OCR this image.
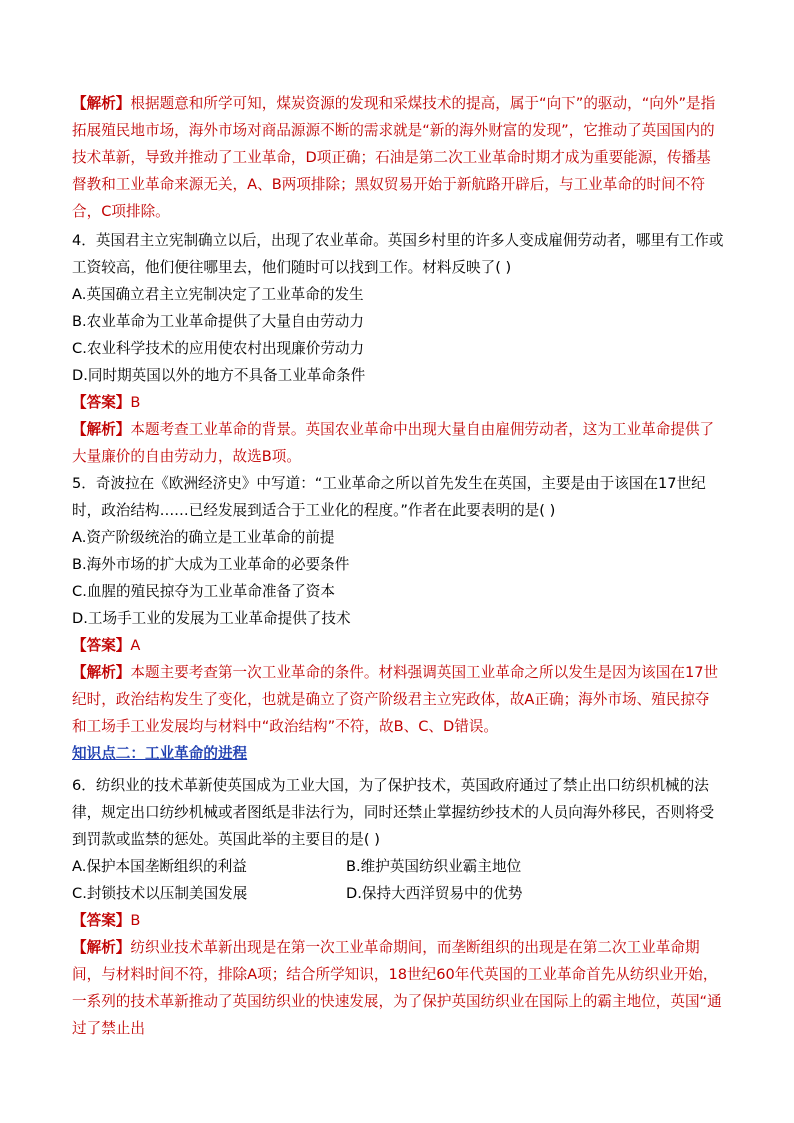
【解析】根据题意和所学可知，煤炭资源的发现和采煤技术的提高，属于“向下”的驱动，“向外”是指拓展殖民地市场，海外市场对商品源源不断的需求就是“新的海外财富的发现”，它推动了英国国内的技术革新，导致并推动了工业革命，D项正确；石油是第二次工业革命时期才成为重要能源，传播基督教和工业革命来源无关，A、B两项排除；黑奴贸易开始于新航路开辟后，与工业革命的时间不符合，C项排除。
4．英国君主立宪制确立以后，出现了农业革命。英国乡村里的许多人变成雇佣劳动者，哪里有工作或工资较高，他们便往哪里去，他们随时可以找到工作。材料反映了( )
A.英国确立君主立宪制决定了工业革命的发生
B.农业革命为工业革命提供了大量自由劳动力
C.农业科学技术的应用使农村出现廉价劳动力
D.同时期英国以外的地方不具备工业革命条件
【答案】B
【解析】本题考查工业革命的背景。英国农业革命中出现大量自由雇佣劳动者，这为工业革命提供了大量廉价的自由劳动力，故选B项。
5．奇波拉在《欧洲经济史》中写道：“工业革命之所以首先发生在英国，主要是由于该国在17世纪时，政治结构……已经发展到适合于工业化的程度。”作者在此要表明的是( )
A.资产阶级统治的确立是工业革命的前提
B.海外市场的扩大成为工业革命的必要条件
C.血腥的殖民掠夺为工业革命准备了资本
D.工场手工业的发展为工业革命提供了技术
【答案】A
【解析】本题主要考查第一次工业革命的条件。材料强调英国工业革命之所以发生是因为该国在17世纪时，政治结构发生了变化，也就是确立了资产阶级君主立宪政体，故A正确；海外市场、殖民掠夺和工场手工业发展均与材料中“政治结构”不符，故B、C、D错误。
知识点二：工业革命的进程
6．纺织业的技术革新使英国成为工业大国，为了保护技术，英国政府通过了禁止出口纺织机械的法律，规定出口纺纱机械或者图纸是非法行为，同时还禁止掌握纺纱技术的人员向海外移民，否则将受到罚款或监禁的惩处。英国此举的主要目的是( )
A.保护本国垄断组织的利益	B.维护英国纺织业霸主地位
C.封锁技术以压制美国发展	D.保持大西洋贸易中的优势
【答案】B
【解析】纺织业技术革新出现是在第一次工业革命期间，而垄断组织的出现是在第二次工业革命期间，与材料时间不符，排除A项；结合所学知识，18世纪60年代英国的工业革命首先从纺织业开始，一系列的技术革新推动了英国纺织业的快速发展，为了保护英国纺织业在国际上的霸主地位，英国“通过了禁止出
